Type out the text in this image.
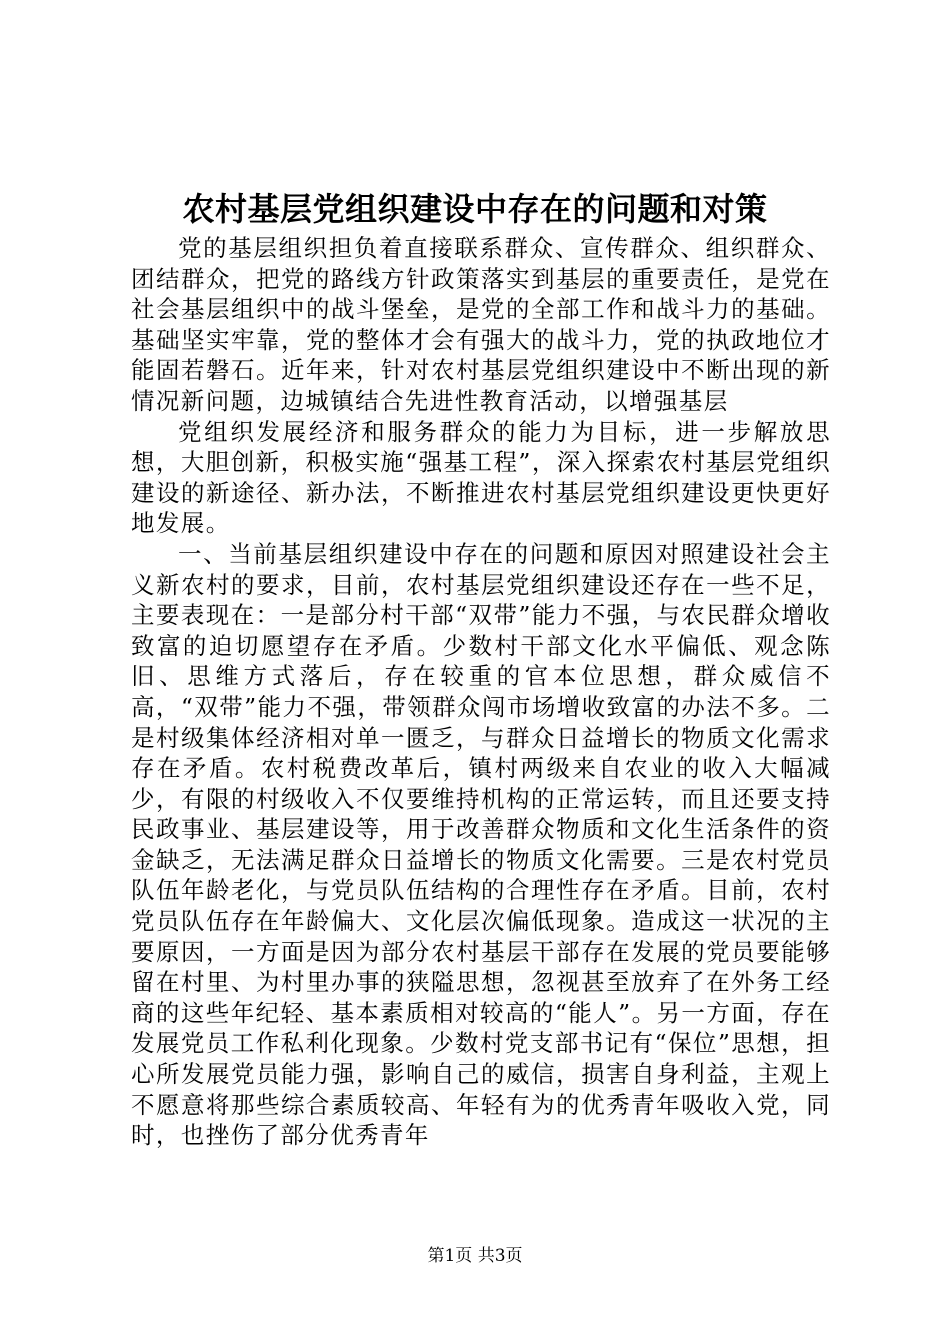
农村基层党组织建设中存在的问题和对策

党的基层组织担负着直接联系群众、宣传群众、组织群众、团结群众，把党的路线方针政策落实到基层的重要责任，是党在社会基层组织中的战斗堡垒，是党的全部工作和战斗力的基础。基础坚实牢靠，党的整体才会有强大的战斗力，党的执政地位才能固若磐石。近年来，针对农村基层党组织建设中不断出现的新情况新问题，边城镇结合先进性教育活动，以增强基层

党组织发展经济和服务群众的能力为目标，进一步解放思想，大胆创新，积极实施“强基工程”，深入探索农村基层党组织建设的新途径、新办法，不断推进农村基层党组织建设更快更好地发展。

一、当前基层组织建设中存在的问题和原因对照建设社会主义新农村的要求，目前，农村基层党组织建设还存在一些不足，主要表现在：一是部分村干部“双带”能力不强，与农民群众增收致富的迫切愿望存在矛盾。少数村干部文化水平偏低、观念陈旧、思维方式落后，存在较重的官本位思想，群众威信不高，“双带”能力不强，带领群众闯市场增收致富的办法不多。二是村级集体经济相对单一匮乏，与群众日益增长的物质文化需求存在矛盾。农村税费改革后，镇村两级来自农业的收入大幅减少，有限的村级收入不仅要维持机构的正常运转，而且还要支持民政事业、基层建设等，用于改善群众物质和文化生活条件的资金缺乏，无法满足群众日益增长的物质文化需要。三是农村党员队伍年龄老化，与党员队伍结构的合理性存在矛盾。目前，农村党员队伍存在年龄偏大、文化层次偏低现象。造成这一状况的主要原因，一方面是因为部分农村基层干部存在发展的党员要能够留在村里、为村里办事的狭隘思想，忽视甚至放弃了在外务工经商的这些年纪轻、基本素质相对较高的“能人”。另一方面，存在发展党员工作私利化现象。少数村党支部书记有“保位”思想，担心所发展党员能力强，影响自己的威信，损害自身利益，主观上不愿意将那些综合素质较高、年轻有为的优秀青年吸收入党，同时，也挫伤了部分优秀青年

第1页 共3页
